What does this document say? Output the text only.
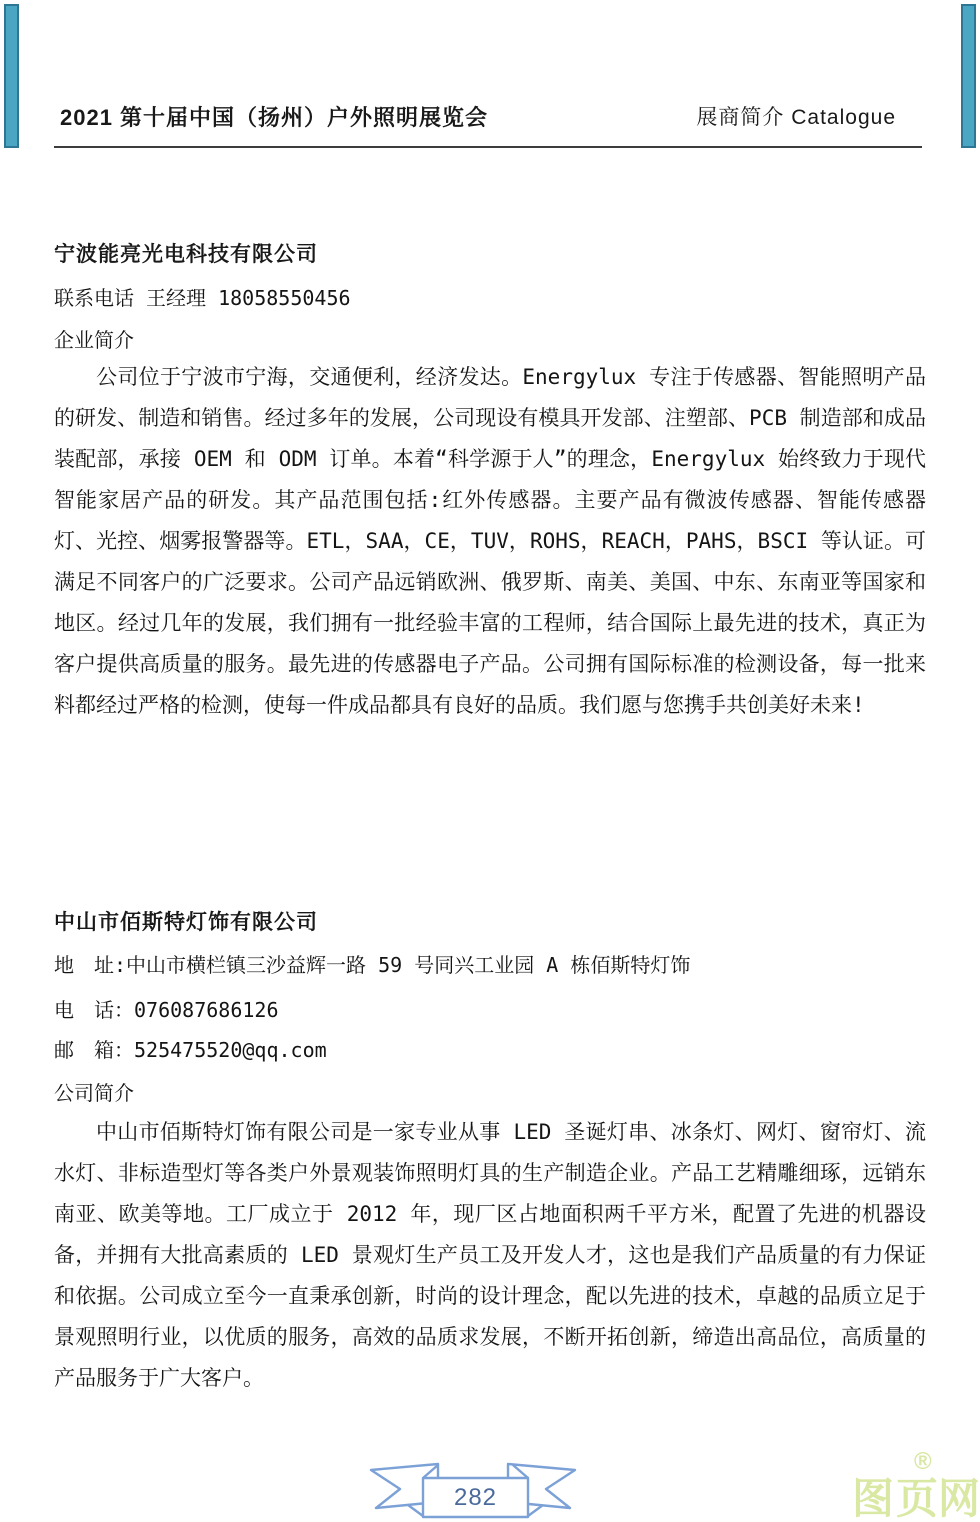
2021 第十届中国（扬州）户外照明展览会	展商简介 Catalogue
宁波能亮光电科技有限公司
联系电话 王经理 18058550456
企业简介
公司位于宁波市宁海，交通便利，经济发达。Energylux 专注于传感器、智能照明产品的研发、制造和销售。经过多年的发展，公司现设有模具开发部、注塑部、PCB 制造部和成品装配部，承接 OEM 和 ODM 订单。本着“科学源于人”的理念，Energylux 始终致力于现代智能家居产品的研发。其产品范围包括:红外传感器。主要产品有微波传感器、智能传感器灯、光控、烟雾报警器等。ETL，SAA，CE，TUV，ROHS，REACH，PAHS，BSCI 等认证。可满足不同客户的广泛要求。公司产品远销欧洲、俄罗斯、南美、美国、中东、东南亚等国家和地区。经过几年的发展，我们拥有一批经验丰富的工程师，结合国际上最先进的技术，真正为客户提供高质量的服务。最先进的传感器电子产品。公司拥有国际标准的检测设备，每一批来料都经过严格的检测，使每一件成品都具有良好的品质。我们愿与您携手共创美好未来!
中山市佰斯特灯饰有限公司
地　址:中山市横栏镇三沙益辉一路 59 号同兴工业园 A 栋佰斯特灯饰
电　话：076087686126
邮　箱：525475520@qq.com
公司简介
中山市佰斯特灯饰有限公司是一家专业从事 LED 圣诞灯串、冰条灯、网灯、窗帘灯、流水灯、非标造型灯等各类户外景观装饰照明灯具的生产制造企业。产品工艺精雕细琢，远销东南亚、欧美等地。工厂成立于 2012 年，现厂区占地面积两千平方米，配置了先进的机器设备，并拥有大批高素质的 LED 景观灯生产员工及开发人才，这也是我们产品质量的有力保证和依据。公司成立至今一直秉承创新，时尚的设计理念，配以先进的技术，卓越的品质立足于景观照明行业，以优质的服务，高效的品质求发展，不断开拓创新，缔造出高品位，高质量的产品服务于广大客户。
282	图页
®
网
